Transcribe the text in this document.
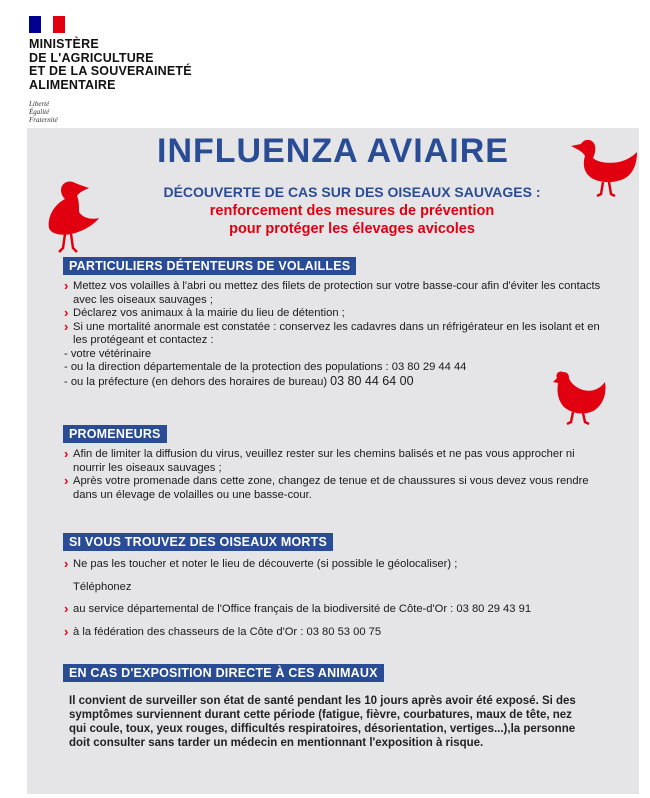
MINISTÈRE
DE L'AGRICULTURE
ET DE LA SOUVERAINETÉ
ALIMENTAIRE
Liberté
Égalité
Fraternité
INFLUENZA AVIAIRE
DÉCOUVERTE DE CAS SUR DES OISEAUX SAUVAGES :
renforcement des mesures de prévention
pour protéger les élevages avicoles
PARTICULIERS DÉTENTEURS DE VOLAILLES
› Mettez vos volailles à l'abri ou mettez des filets de protection sur votre basse-cour afin d'éviter les contacts avec les oiseaux sauvages ;
› Déclarez vos animaux à la mairie du lieu de détention ;
› Si une mortalité anormale est constatée : conservez les cadavres dans un réfrigérateur en les isolant et en les protégeant et contactez :
- votre vétérinaire
- ou la direction départementale de la protection des populations : 03 80 29 44 44
- ou la préfecture (en dehors des horaires de bureau) 03 80 44 64 00
PROMENEURS
› Afin de limiter la diffusion du virus, veuillez rester sur les chemins balisés et ne pas vous approcher ni nourrir les oiseaux sauvages ;
› Après votre promenade dans cette zone, changez de tenue et de chaussures si vous devez vous rendre dans un élevage de volailles ou une basse-cour.
SI VOUS TROUVEZ DES OISEAUX MORTS
› Ne pas les toucher et noter le lieu de découverte (si possible le géolocaliser) ;
Téléphonez
› au service départemental de l'Office français de la biodiversité de Côte-d'Or : 03 80 29 43 91
› à la fédération des chasseurs de la Côte d'Or : 03 80 53 00 75
EN CAS D'EXPOSITION DIRECTE À CES ANIMAUX
Il convient de surveiller son état de santé pendant les 10 jours après avoir été exposé. Si des
symptômes surviennent durant cette période (fatigue, fièvre, courbatures, maux de tête, nez
qui coule, toux, yeux rouges, difficultés respiratoires, désorientation, vertiges...),la personne
doit consulter sans tarder un médecin en mentionnant l'exposition à risque.
